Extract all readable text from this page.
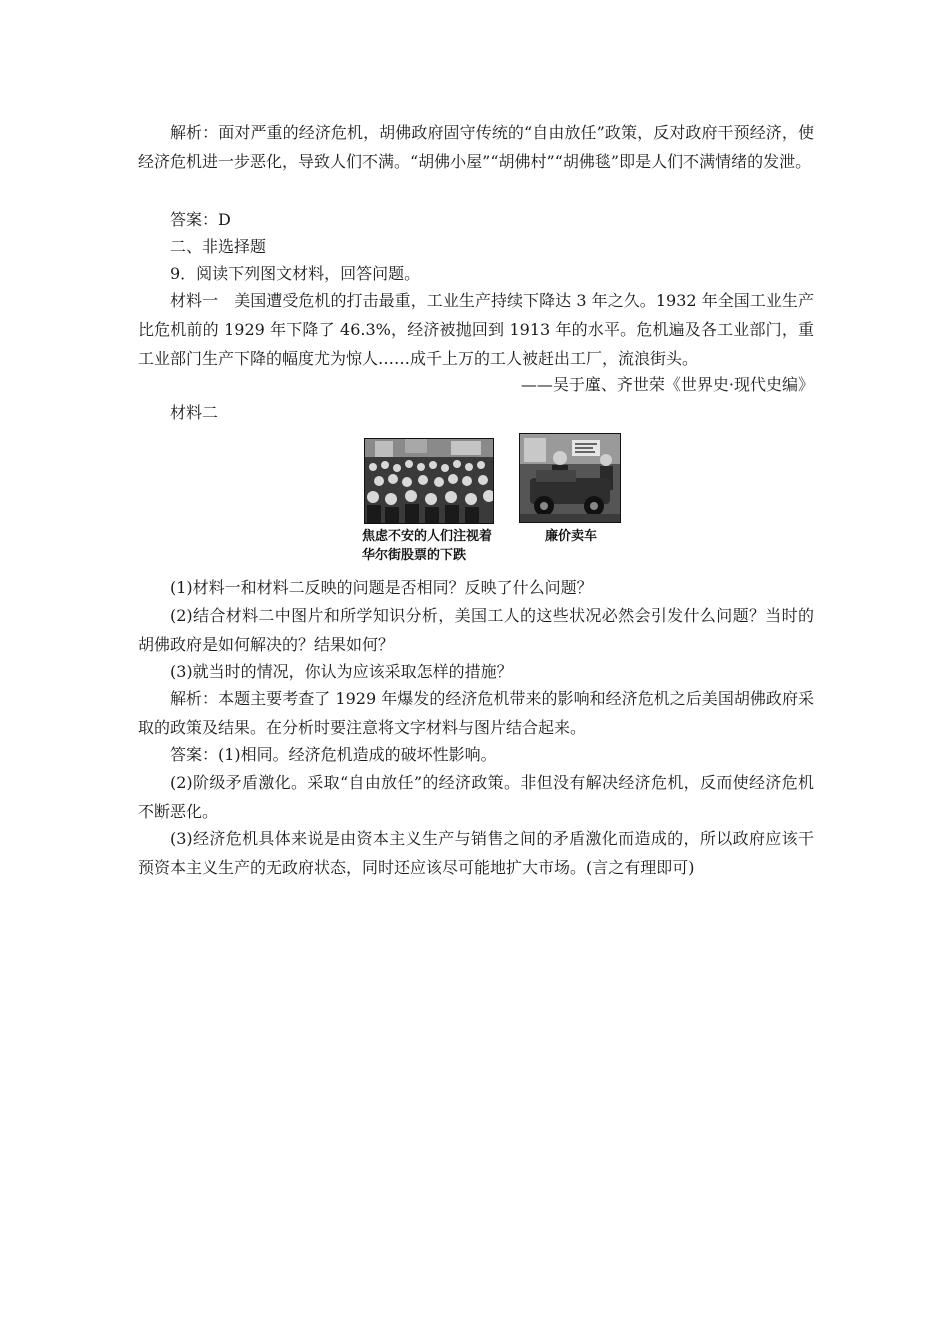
解析：面对严重的经济危机，胡佛政府固守传统的“自由放任”政策，反对政府干预经济，使经济危机进一步恶化，导致人们不满。“胡佛小屋”“胡佛村”“胡佛毯”即是人们不满情绪的发泄。

答案：D

二、非选择题

9．阅读下列图文材料，回答问题。

材料一　美国遭受危机的打击最重，工业生产持续下降达 3 年之久。1932 年全国工业生产比危机前的 1929 年下降了 46.3%，经济被抛回到 1913 年的水平。危机遍及各工业部门，重工业部门生产下降的幅度尤为惊人……成千上万的工人被赶出工厂，流浪街头。

——吴于廑、齐世荣《世界史·现代史编》

材料二

焦虑不安的人们注视着

华尔街股票的下跌

廉价卖车

(1)材料一和材料二反映的问题是否相同？反映了什么问题？

(2)结合材料二中图片和所学知识分析，美国工人的这些状况必然会引发什么问题？当时的胡佛政府是如何解决的？结果如何？

(3)就当时的情况，你认为应该采取怎样的措施？

解析：本题主要考查了 1929 年爆发的经济危机带来的影响和经济危机之后美国胡佛政府采取的政策及结果。在分析时要注意将文字材料与图片结合起来。

答案：(1)相同。经济危机造成的破坏性影响。

(2)阶级矛盾激化。采取“自由放任”的经济政策。非但没有解决经济危机，反而使经济危机不断恶化。

(3)经济危机具体来说是由资本主义生产与销售之间的矛盾激化而造成的，所以政府应该干预资本主义生产的无政府状态，同时还应该尽可能地扩大市场。(言之有理即可)
